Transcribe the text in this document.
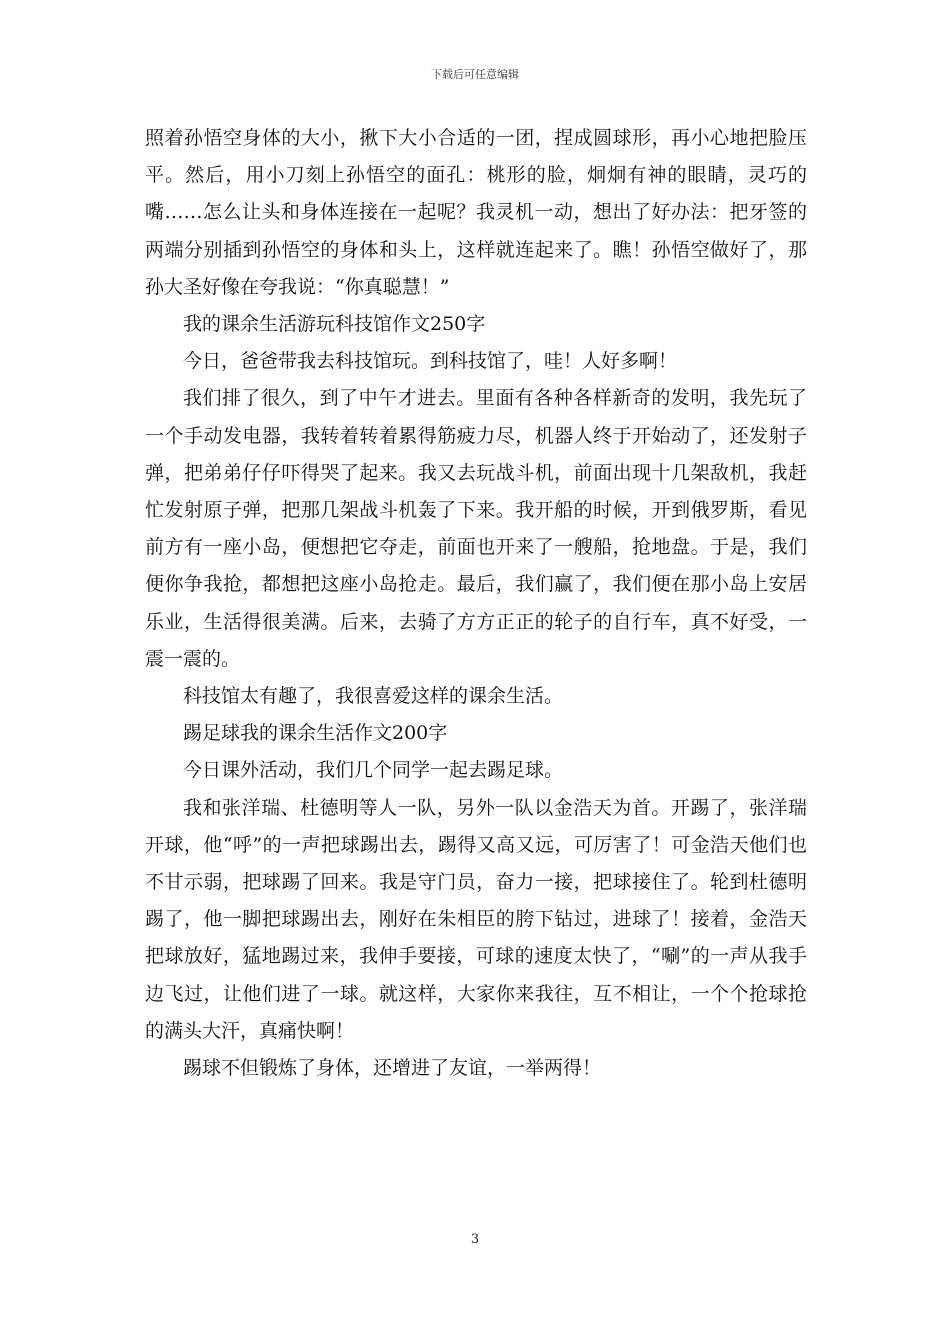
下载后可任意编辑

照着孙悟空身体的大小，揪下大小合适的一团，捏成圆球形，再小心地把脸压平。然后，用小刀刻上孙悟空的面孔：桃形的脸，炯炯有神的眼睛，灵巧的嘴……怎么让头和身体连接在一起呢？我灵机一动，想出了好办法：把牙签的两端分别插到孙悟空的身体和头上，这样就连起来了。瞧！孙悟空做好了，那孙大圣好像在夸我说：“你真聪慧！”

我的课余生活游玩科技馆作文250字

今日，爸爸带我去科技馆玩。到科技馆了，哇！人好多啊！

我们排了很久，到了中午才进去。里面有各种各样新奇的发明，我先玩了一个手动发电器，我转着转着累得筋疲力尽，机器人终于开始动了，还发射子弹，把弟弟仔仔吓得哭了起来。我又去玩战斗机，前面出现十几架敌机，我赶忙发射原子弹，把那几架战斗机轰了下来。我开船的时候，开到俄罗斯，看见前方有一座小岛，便想把它夺走，前面也开来了一艘船，抢地盘。于是，我们便你争我抢，都想把这座小岛抢走。最后，我们赢了，我们便在那小岛上安居乐业，生活得很美满。后来，去骑了方方正正的轮子的自行车，真不好受，一震一震的。

科技馆太有趣了，我很喜爱这样的课余生活。

踢足球我的课余生活作文200字

今日课外活动，我们几个同学一起去踢足球。

我和张洋瑞、杜德明等人一队，另外一队以金浩天为首。开踢了，张洋瑞开球，他“呼”的一声把球踢出去，踢得又高又远，可厉害了！可金浩天他们也不甘示弱，把球踢了回来。我是守门员，奋力一接，把球接住了。轮到杜德明踢了，他一脚把球踢出去，刚好在朱相臣的胯下钻过，进球了！接着，金浩天把球放好，猛地踢过来，我伸手要接，可球的速度太快了，“唰”的一声从我手边飞过，让他们进了一球。就这样，大家你来我往，互不相让，一个个抢球抢的满头大汗，真痛快啊！

踢球不但锻炼了身体，还增进了友谊，一举两得！

3
